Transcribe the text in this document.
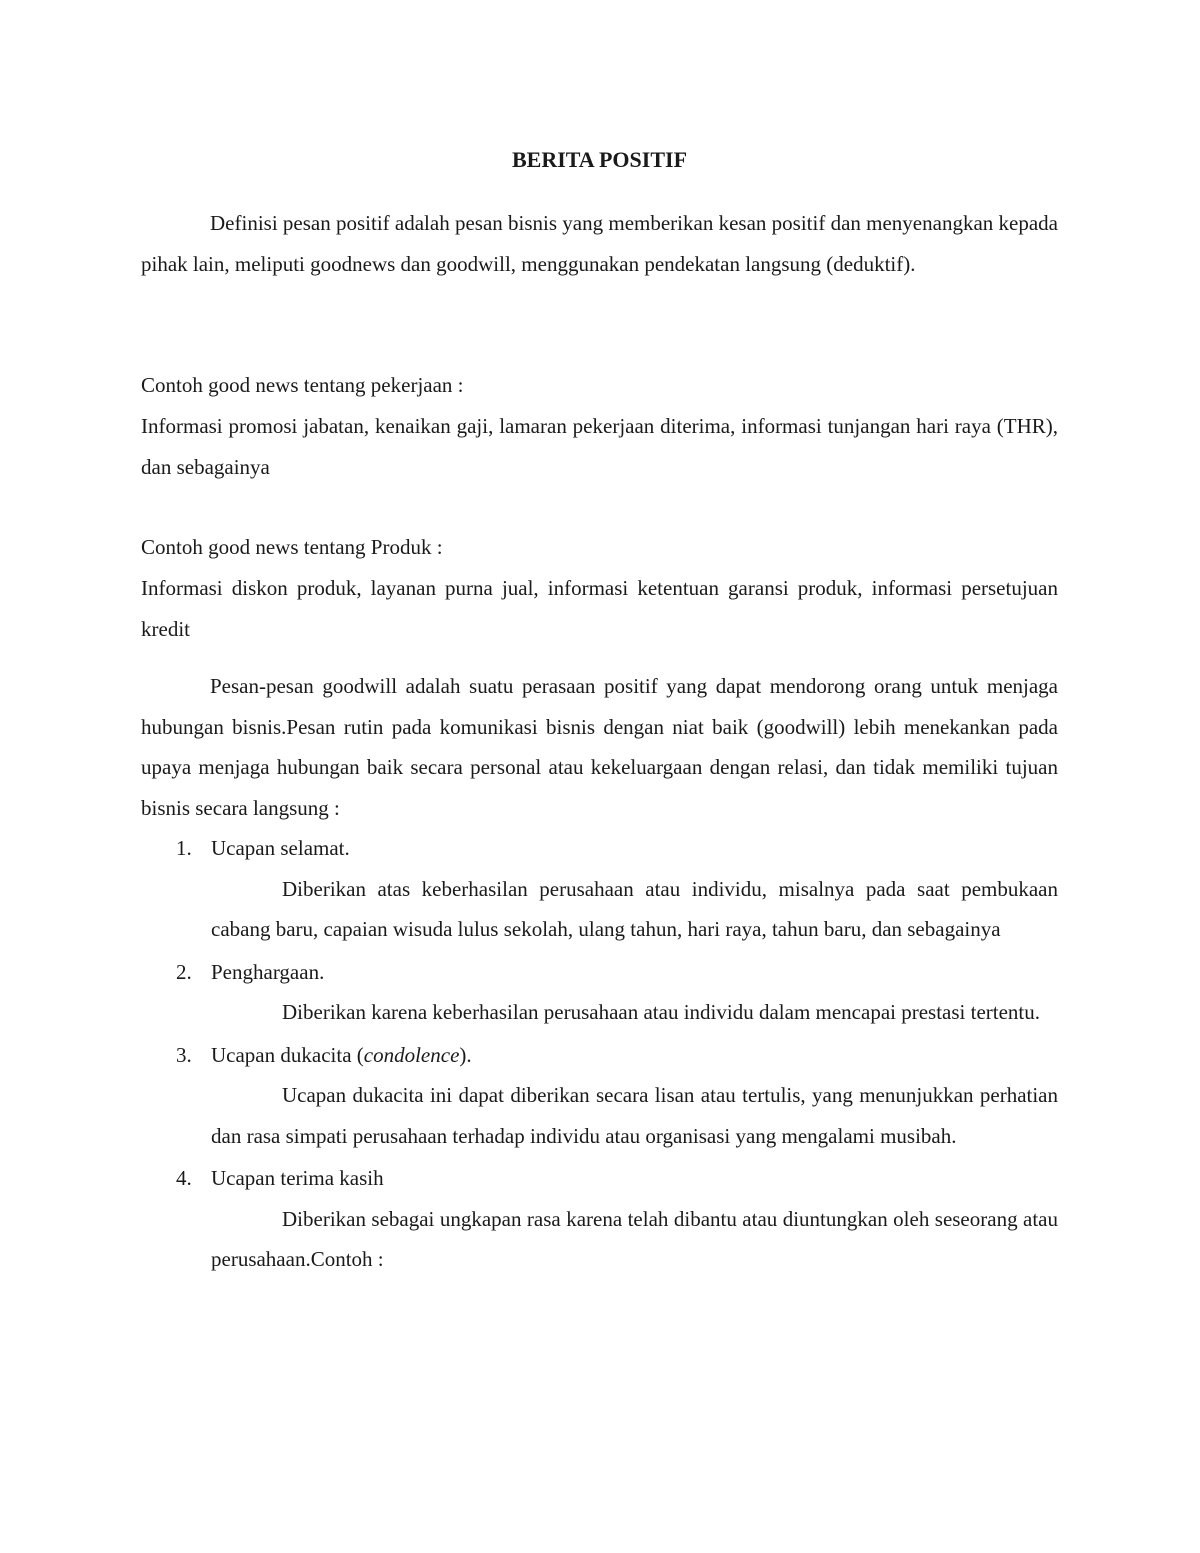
BERITA POSITIF

Definisi pesan positif adalah pesan bisnis yang memberikan kesan positif dan menyenangkan kepada pihak lain, meliputi goodnews dan goodwill, menggunakan pendekatan langsung (deduktif).

Contoh good news tentang pekerjaan :

Informasi promosi jabatan, kenaikan gaji, lamaran pekerjaan diterima, informasi tunjangan hari raya (THR), dan sebagainya

Contoh good news tentang Produk :

Informasi diskon produk, layanan purna jual, informasi ketentuan garansi produk, informasi persetujuan kredit

Pesan-pesan goodwill adalah suatu perasaan positif yang dapat mendorong orang untuk menjaga hubungan bisnis.Pesan rutin pada komunikasi bisnis dengan niat baik (goodwill) lebih menekankan pada upaya menjaga hubungan baik secara personal atau kekeluargaan dengan relasi, dan tidak memiliki tujuan bisnis secara langsung :

1. Ucapan selamat.
Diberikan atas keberhasilan perusahaan atau individu, misalnya pada saat pembukaan cabang baru, capaian wisuda lulus sekolah, ulang tahun, hari raya, tahun baru, dan sebagainya
2. Penghargaan.
Diberikan karena keberhasilan perusahaan atau individu dalam mencapai prestasi tertentu.
3. Ucapan dukacita (condolence).
Ucapan dukacita ini dapat diberikan secara lisan atau tertulis, yang menunjukkan perhatian dan rasa simpati perusahaan terhadap individu atau organisasi yang mengalami musibah.
4. Ucapan terima kasih
Diberikan sebagai ungkapan rasa karena telah dibantu atau diuntungkan oleh seseorang atau perusahaan.Contoh :
